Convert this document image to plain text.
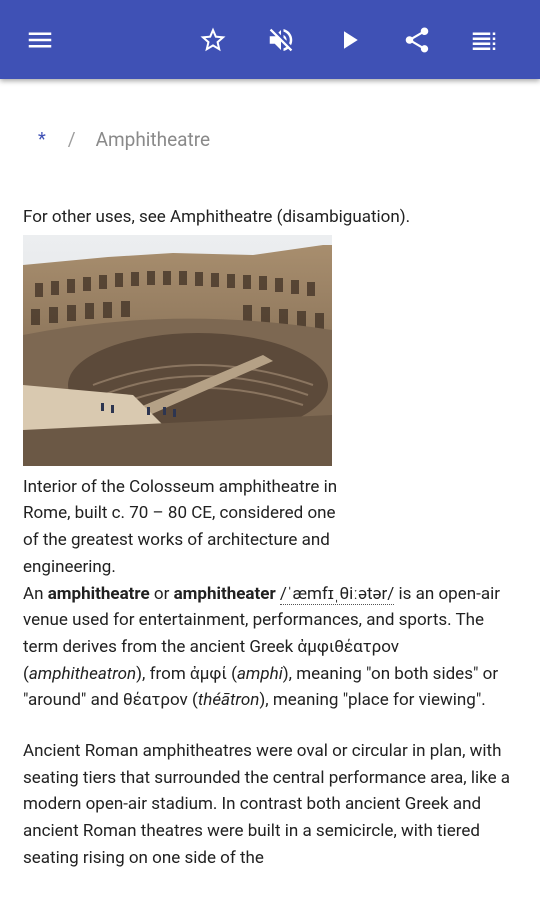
* / Amphitheatre

For other uses, see Amphitheatre (disambiguation).

Interior of the Colosseum amphitheatre in Rome, built c. 70 – 80 CE, considered one of the greatest works of architecture and engineering.

An amphitheatre or amphitheater /ˈæmfɪˌθiːətər/ is an open-air venue used for entertainment, performances, and sports. The term derives from the ancient Greek ἀμφιθέατρον (amphitheatron), from ἀμφί (amphi), meaning "on both sides" or "around" and θέατρον (théātron), meaning "place for viewing".

Ancient Roman amphitheatres were oval or circular in plan, with seating tiers that surrounded the central performance area, like a modern open-air stadium. In contrast both ancient Greek and ancient Roman theatres were built in a semicircle, with tiered seating rising on one side of the
